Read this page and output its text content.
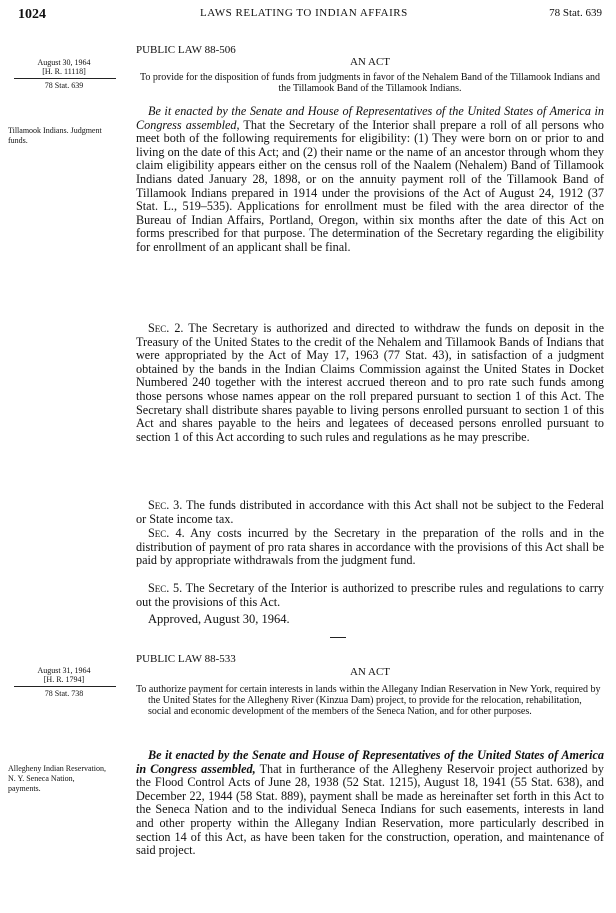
1024	LAWS RELATING TO INDIAN AFFAIRS	78 Stat. 639
August 30, 1964
[H. R. 11118]
78 Stat. 639
Tillamook Indians. Judgment funds.
PUBLIC LAW 88-506
AN ACT
To provide for the disposition of funds from judgments in favor of the Nehalem Band of the Tillamook Indians and the Tillamook Band of the Tillamook Indians.
Be it enacted by the Senate and House of Representatives of the United States of America in Congress assembled, That the Secretary of the Interior shall prepare a roll of all persons who meet both of the following requirements for eligibility: (1) They were born on or prior to and living on the date of this Act; and (2) their name or the name of an ancestor through whom they claim eligibility appears either on the census roll of the Naalem (Nehalem) Band of Tillamook Indians dated January 28, 1898, or on the annuity payment roll of the Tillamook Band of Tillamook Indians prepared in 1914 under the provisions of the Act of August 24, 1912 (37 Stat. L., 519–535). Applications for enrollment must be filed with the area director of the Bureau of Indian Affairs, Portland, Oregon, within six months after the date of this Act on forms prescribed for that purpose. The determination of the Secretary regarding the eligibility for enrollment of an applicant shall be final.
Sec. 2. The Secretary is authorized and directed to withdraw the funds on deposit in the Treasury of the United States to the credit of the Nehalem and Tillamook Bands of Indians that were appropriated by the Act of May 17, 1963 (77 Stat. 43), in satisfaction of a judgment obtained by the bands in the Indian Claims Commission against the United States in Docket Numbered 240 together with the interest accrued thereon and to pro rate such funds among those persons whose names appear on the roll prepared pursuant to section 1 of this Act. The Secretary shall distribute shares payable to living persons enrolled pursuant to section 1 of this Act and shares payable to the heirs and legatees of deceased persons enrolled pursuant to section 1 of this Act according to such rules and regulations as he may prescribe.
Sec. 3. The funds distributed in accordance with this Act shall not be subject to the Federal or State income tax.
Sec. 4. Any costs incurred by the Secretary in the preparation of the rolls and in the distribution of payment of pro rata shares in accordance with the provisions of this Act shall be paid by appropriate withdrawals from the judgment fund.
Sec. 5. The Secretary of the Interior is authorized to prescribe rules and regulations to carry out the provisions of this Act.
Approved, August 30, 1964.
August 31, 1964
[H. R. 1794]
78 Stat. 738
Allegheny Indian Reservation, N. Y. Seneca Nation, payments.
PUBLIC LAW 88-533
AN ACT
To authorize payment for certain interests in lands within the Allegany Indian Reservation in New York, required by the United States for the Allegheny River (Kinzua Dam) project, to provide for the relocation, rehabilitation, social and economic development of the members of the Seneca Nation, and for other purposes.
Be it enacted by the Senate and House of Representatives of the United States of America in Congress assembled, That in furtherance of the Allegheny Reservoir project authorized by the Flood Control Acts of June 28, 1938 (52 Stat. 1215), August 18, 1941 (55 Stat. 638), and December 22, 1944 (58 Stat. 889), payment shall be made as hereinafter set forth in this Act to the Seneca Nation and to the individual Seneca Indians for such easements, interests in land and other property within the Allegany Indian Reservation, more particularly described in section 14 of this Act, as have been taken for the construction, operation, and maintenance of said project.
